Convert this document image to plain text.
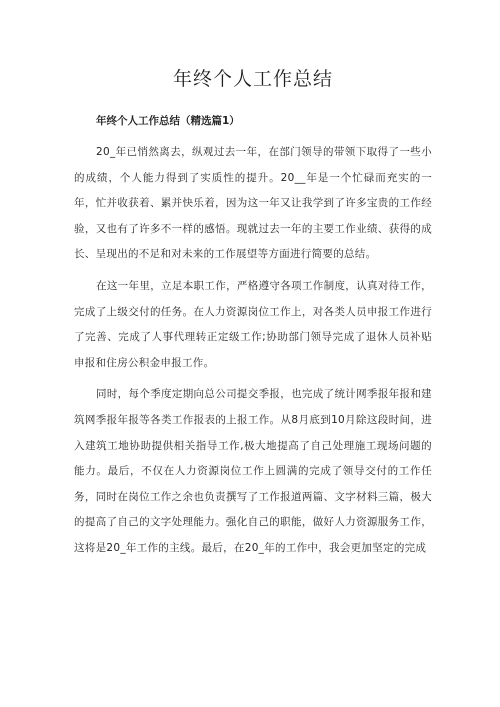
年终个人工作总结
年终个人工作总结（精选篇1）

20_年已悄然离去，纵观过去一年，在部门领导的带领下取得了一些小的成绩，个人能力得到了实质性的提升。20__年是一个忙碌而充实的一年，忙并收获着、累并快乐着，因为这一年又让我学到了许多宝贵的工作经验，又也有了许多不一样的感悟。现就过去一年的主要工作业绩、获得的成长、呈现出的不足和对未来的工作展望等方面进行简要的总结。

在这一年里，立足本职工作，严格遵守各项工作制度，认真对待工作，完成了上级交付的任务。在人力资源岗位工作上，对各类人员申报工作进行了完善、完成了人事代理转正定级工作;协助部门领导完成了退休人员补贴申报和住房公积金申报工作。

同时，每个季度定期向总公司提交季报，也完成了统计网季报年报和建筑网季报年报等各类工作报表的上报工作。从8月底到10月除这段时间，进入建筑工地协助提供相关指导工作,极大地提高了自己处理施工现场问题的能力。最后，不仅在人力资源岗位工作上圆满的完成了领导交付的工作任务，同时在岗位工作之余也负责撰写了工作报道两篇、文字材料三篇，极大的提高了自己的文字处理能力。强化自己的职能，做好人力资源服务工作，这将是20_年工作的主线。最后，在20_年的工作中，我会更加坚定的完成
